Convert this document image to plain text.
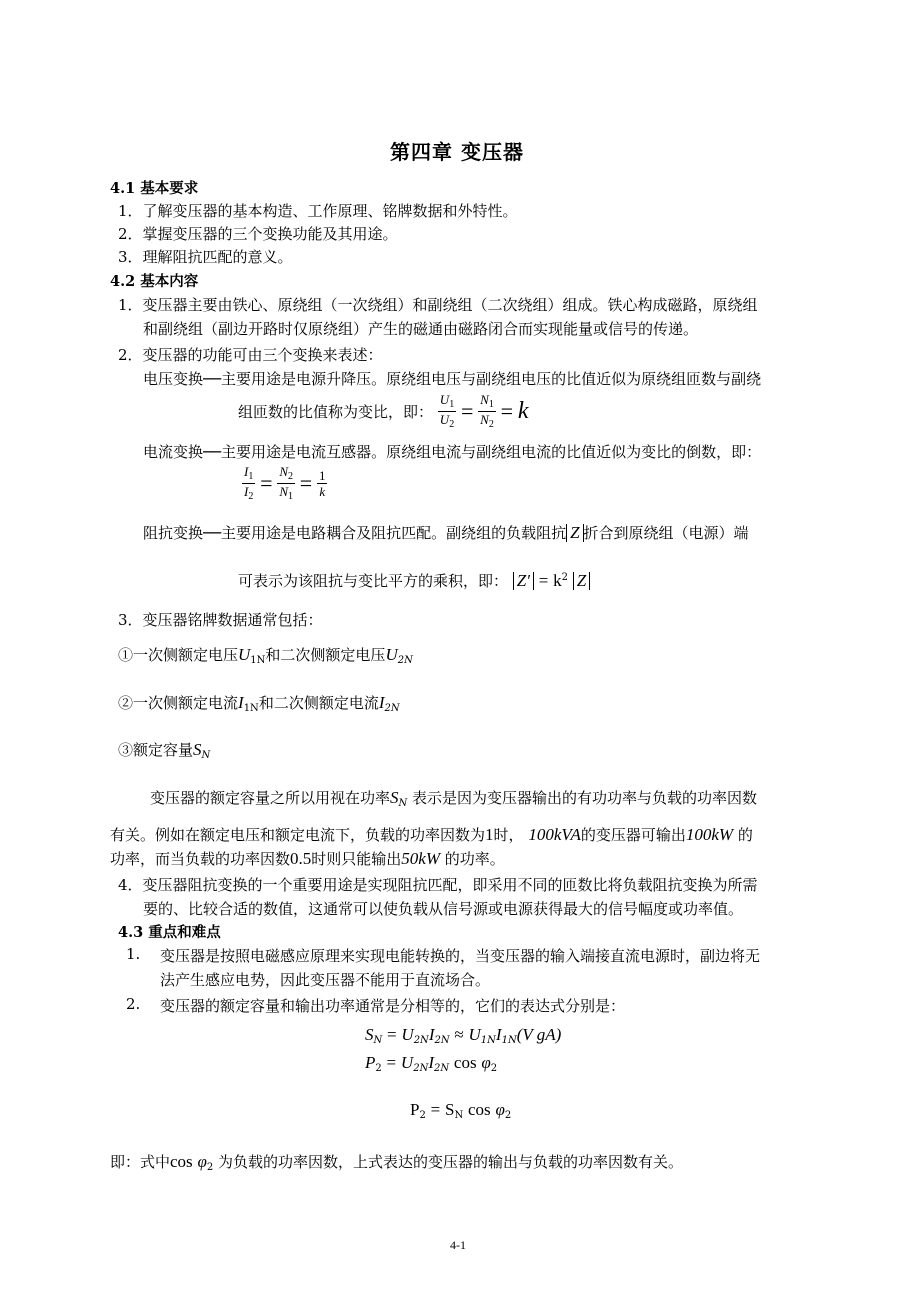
第四章 变压器
4.1 基本要求
1．了解变压器的基本构造、工作原理、铭牌数据和外特性。
2．掌握变压器的三个变换功能及其用途。
3．理解阻抗匹配的意义。
4.2 基本内容
1．变压器主要由铁心、原绕组（一次绕组）和副绕组（二次绕组）组成。铁心构成磁路，原绕组
和副绕组（副边开路时仅原绕组）产生的磁通由磁路闭合而实现能量或信号的传递。
2．变压器的功能可由三个变换来表述：
电压变换──主要用途是电源升降压。原绕组电压与副绕组电压的比值近似为原绕组匝数与副绕
组匝数的比值称为变比，即： $\frac{U_1}{U_2} = \frac{N_1}{N_2} = k$
电流变换──主要用途是电流互感器。原绕组电流与副绕组电流的比值近似为变比的倒数，即：
$\frac{I_1}{I_2} = \frac{N_2}{N_1} = \frac{1}{k}$
阻抗变换──主要用途是电路耦合及阻抗匹配。副绕组的负载阻抗 Z 折合到原绕组（电源）端
可表示为该阻抗与变比平方的乘积，即： $Z' = k^2$ Z
3．变压器铭牌数据通常包括：
①一次侧额定电压$U_{1N}$和二次侧额定电压$U_{2N}$
②一次侧额定电流$I_{1N}$和二次侧额定电流$I_{2N}$
③额定容量$S_N$
变压器的额定容量之所以用视在功率$S_N$ 表示是因为变压器输出的有功功率与负载的功率因数
有关。例如在额定电压和额定电流下，负载的功率因数为1时， 100kVA的变压器可输出100kW 的
功率，而当负载的功率因数0.5时则只能输出50kW 的功率。
4．变压器阻抗变换的一个重要用途是实现阻抗匹配，即采用不同的匝数比将负载阻抗变换为所需
要的、比较合适的数值，这通常可以使负载从信号源或电源获得最大的信号幅度或功率值。
4.3 重点和难点
1. 变压器是按照电磁感应原理来实现电能转换的，当变压器的输入端接直流电源时，副边将无
法产生感应电势，因此变压器不能用于直流场合。
2. 变压器的额定容量和输出功率通常是分相等的，它们的表达式分别是：
$S_N = U_{2N}I_{2N} \approx U_{1N}I_{1N}(V$ gA)
$P_2 = U_{2N}I_{2N}$ $\cos \varphi_2$
$P_2 = S_N$ $\cos \varphi_2$
即：式中$\cos \varphi_2$ 为负载的功率因数，上式表达的变压器的输出与负载的功率因数有关。
4-1
